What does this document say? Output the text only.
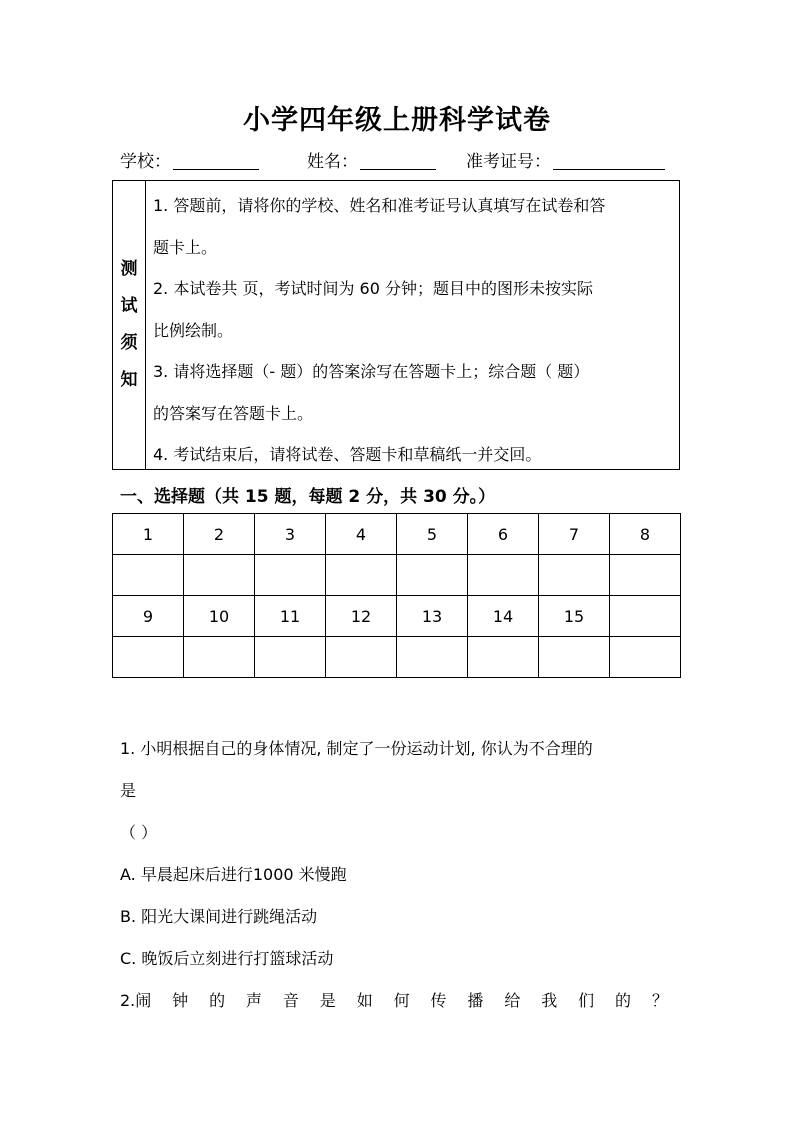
小学四年级上册科学试卷
学校：	姓名：	准考证号：
测
试
须
知

1. 答题前，请将你的学校、姓名和准考证号认真填写在试卷和答

题卡上。

2. 本试卷共 页，考试时间为 60 分钟；题目中的图形未按实际

比例绘制。

3. 请将选择题（- 题）的答案涂写在答题卡上；综合题（ 题）

的答案写在答题卡上。

4. 考试结束后，请将试卷、答题卡和草稿纸一并交回。

一、选择题（共 15 题，每题 2 分，共 30 分。）
1	2	3	4	5	6	7	8

9	10	11	12	13	14	15	

1. 小明根据自己的身体情况, 制定了一份运动计划, 你认为不合理的
是
（ ）
A. 早晨起床后进行1000 米慢跑
B. 阳光大课间进行跳绳活动
C. 晚饭后立刻进行打篮球活动
2.闹 钟 的 声 音 是 如 何 传 播 给 我 们 的 ？
